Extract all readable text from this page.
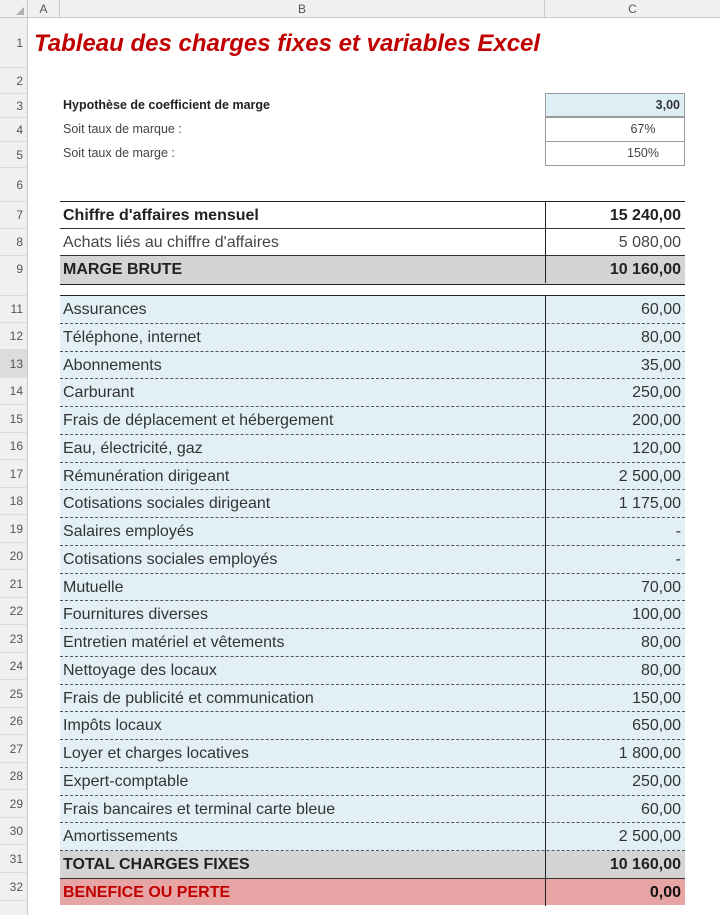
A	B	C
1
2
3
4
5
6
7
8
9
11
12
13
14
15
16
17
18
19
20
21
22
23
24
25
26
27
28
29
30
31
32
Tableau des charges fixes et variables Excel
Hypothèse de coefficient de marge	3,00
Soit taux de marque :	67%
Soit taux de marge :	150%
Chiffre d'affaires mensuel	15 240,00
Achats liés au chiffre d'affaires	5 080,00
MARGE BRUTE	10 160,00
Assurances	60,00
Téléphone, internet	80,00
Abonnements	35,00
Carburant	250,00
Frais de déplacement et hébergement	200,00
Eau, électricité, gaz	120,00
Rémunération dirigeant	2 500,00
Cotisations sociales dirigeant	1 175,00
Salaires employés	-
Cotisations sociales employés	-
Mutuelle	70,00
Fournitures diverses	100,00
Entretien matériel et vêtements	80,00
Nettoyage des locaux	80,00
Frais de publicité et communication	150,00
Impôts locaux	650,00
Loyer et charges locatives	1 800,00
Expert-comptable	250,00
Frais bancaires et terminal carte bleue	60,00
Amortissements	2 500,00
TOTAL CHARGES FIXES	10 160,00
BENEFICE OU PERTE	0,00
